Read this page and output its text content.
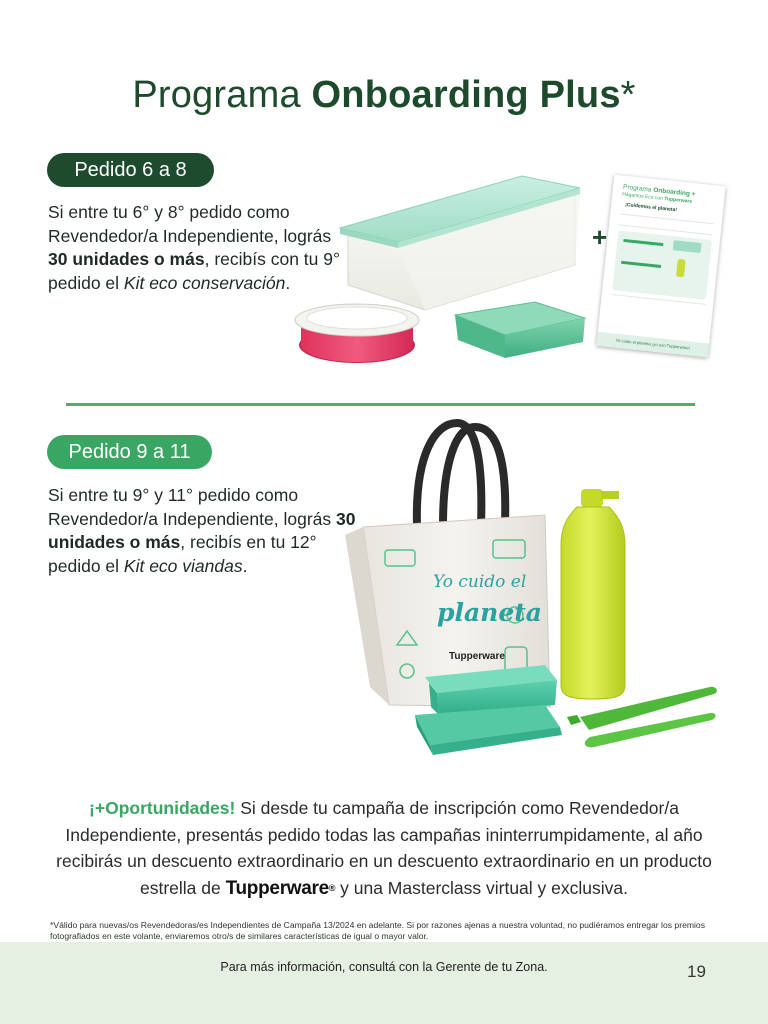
Programa Onboarding Plus*
Pedido 6 a 8
Si entre tu 6° y 8° pedido como Revendedor/a Independiente, lográs 30 unidades o más, recibís con tu 9° pedido el Kit eco conservación.
+
Programa Onboarding +
Hágamos Eco con Tupperware
¡Cuidemos el planeta!
Yo cuido el planeta ¡yo uso Tupperware!
Pedido 9 a 11
Si entre tu 9° y 11° pedido como Revendedor/a Independiente, lográs 30 unidades o más, recibís en tu 12° pedido el Kit eco viandas.
Yo cuido el
planeta
Tupperware
¡+Oportunidades! Si desde tu campaña de inscripción como Revendedor/a Independiente, presentás pedido todas las campañas ininterrumpidamente, al año recibirás un descuento extraordinario en un descuento extraordinario en un producto estrella de Tupperware® y una Masterclass virtual y exclusiva.
*Válido para nuevas/os Revendedoras/es Independientes de Campaña 13/2024 en adelante. Si por razones ajenas a nuestra voluntad, no pudiéramos entregar los premios fotografiados en este volante, enviaremos otro/s de similares características de igual o mayor valor.
Para más información, consultá con la Gerente de tu Zona.	19
